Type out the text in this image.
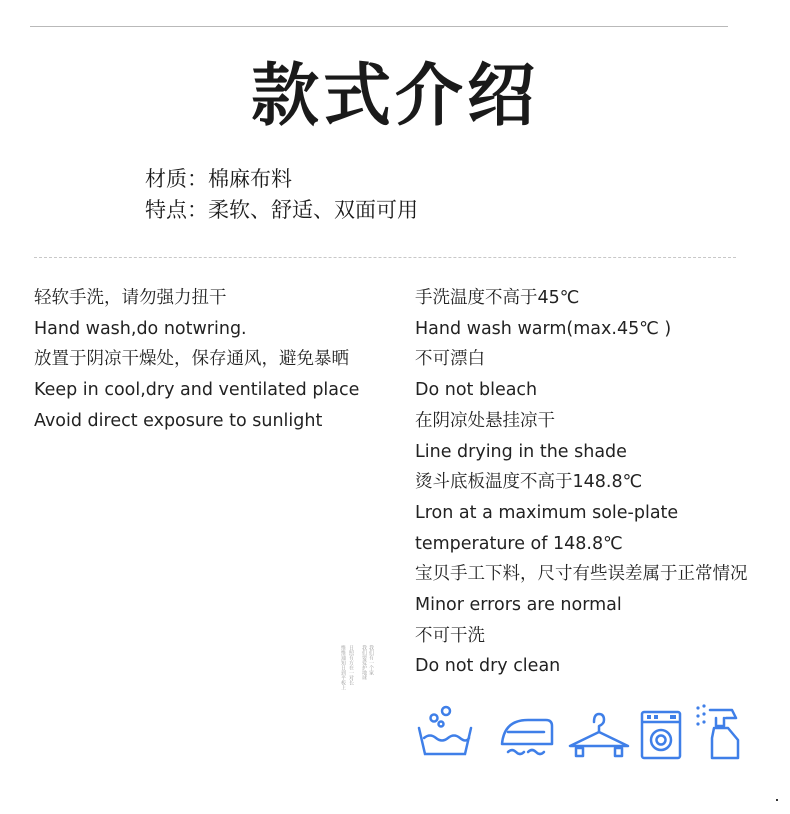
款式介绍
材质：棉麻布料
特点：柔软、舒适、双面可用
轻软手洗，请勿强力扭干
Hand wash,do notwring.
放置于阴凉干燥处，保存通风，避免暴晒
Keep in cool,dry and ventilated place
Avoid direct exposure to sunlight
手洗温度不高于45℃
Hand wash warm(max.45℃ )
不可漂白
Do not bleach
在阴凉处悬挂凉干
Line drying in the shade
烫斗底板温度不高于148.8℃
Lron at a maximum sole-plate
temperature of 148.8℃
宝贝手工下料，尺寸有些误差属于正常情况
Minor errors are normal
不可干洗
Do not dry clean
维维通知日到平板上 日照有方在一对长 我们要爱护地球 我们有一个家
